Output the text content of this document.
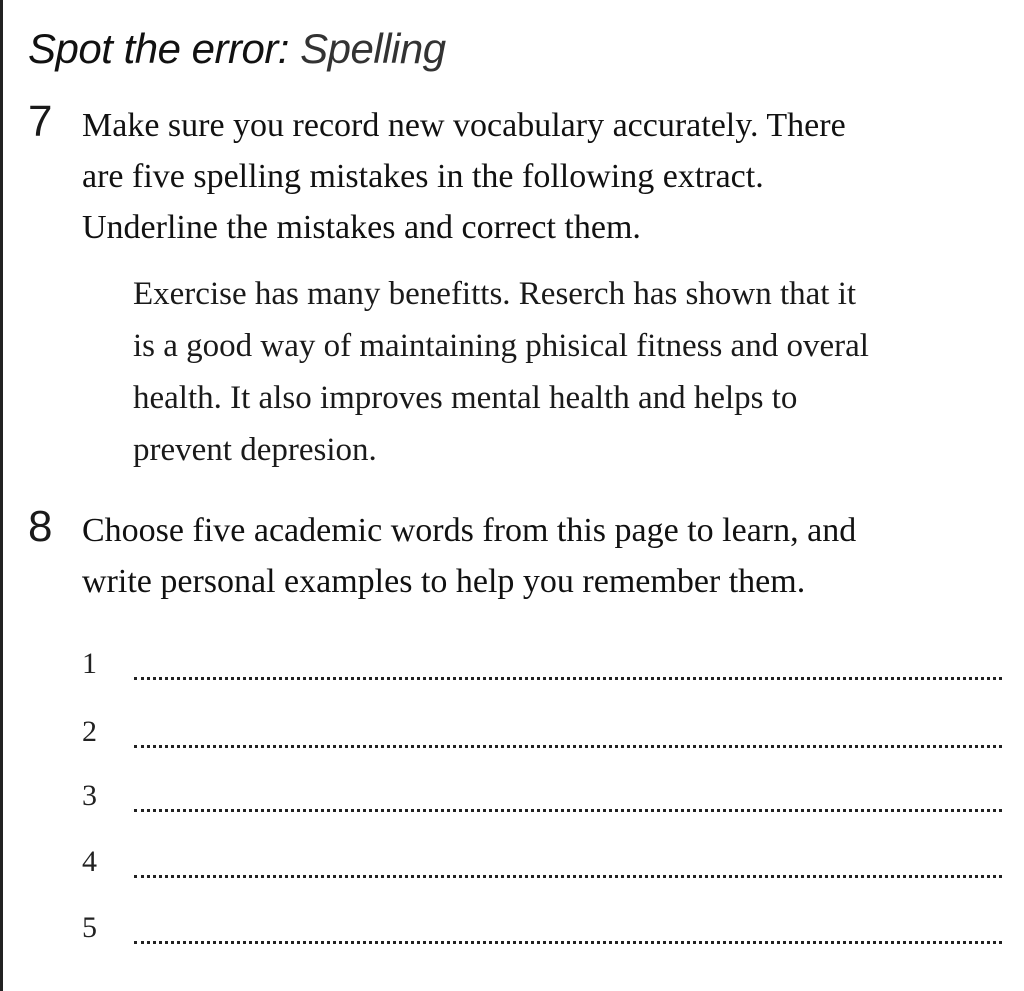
Spot the error: Spelling
7 Make sure you record new vocabulary accurately. There

are five spelling mistakes in the following extract.

Underline the mistakes and correct them.

Exercise has many benefitts. Reserch has shown that it

is a good way of maintaining phisical fitness and overal

health. It also improves mental health and helps to

prevent depresion.

8 Choose five academic words from this page to learn, and

write personal examples to help you remember them.

1
2
3
4
5
